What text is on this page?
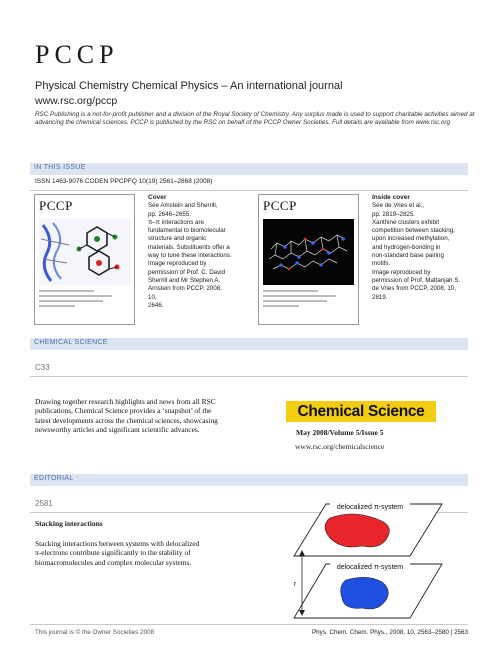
PCCP
Physical Chemistry Chemical Physics – An international journal
www.rsc.org/pccp
RSC Publishing is a not-for-profit publisher and a division of the Royal Society of Chemistry. Any surplus made is used to support charitable activities aimed at advancing the chemical sciences. PCCP is published by the RSC on behalf of the PCCP Owner Societies. Full details are available from www.rsc.org
IN THIS ISSUE
ISSN 1463-9076 CODEN PPCPFQ 10(19) 2561–2868 (2008)
PCCP
Cover
See Amstein and Sherrill,
pp. 2646–2655.
π–π interactions are
fundamental to biomolecular
structure and organic
materials. Substituents offer a
way to tune these interactions.
Image reproduced by
permission of Prof. C. David
Sherrill and Mr Stephen A.
Arnstein from PCCP, 2008, 10,
2646.
PCCP
Inside cover
See de Vries et al.,
pp. 2819–2825.
Xanthine clusters exhibit
competition between stacking,
upon increased methylation,
and hydrogen-bonding in
non-standard base pairing
motifs.
Image reproduced by
permission of Prof. Mattanjah S.
de Vries from PCCP, 2008, 10,
2819.
CHEMICAL SCIENCE
C33
Drawing together research highlights and news from all RSC
publications, Chemical Science provides a ‘snapshot’ of the
latest developments across the chemical sciences, showcasing
newsworthy articles and significant scientific advances.
Chemical Science
May 2008/Volume 5/Issue 5
www.rsc.org/chemicalscience
EDITORIAL
2581
Stacking interactions
Stacking interactions between systems with delocalized
π-electrons contribute significantly to the stability of
biomacromolecules and complex molecular systems.
delocalized π-system
delocalized π-system
r
This journal is © the Owner Societies 2008	Phys. Chem. Chem. Phys., 2008, 10, 2563–2580 | 2563
